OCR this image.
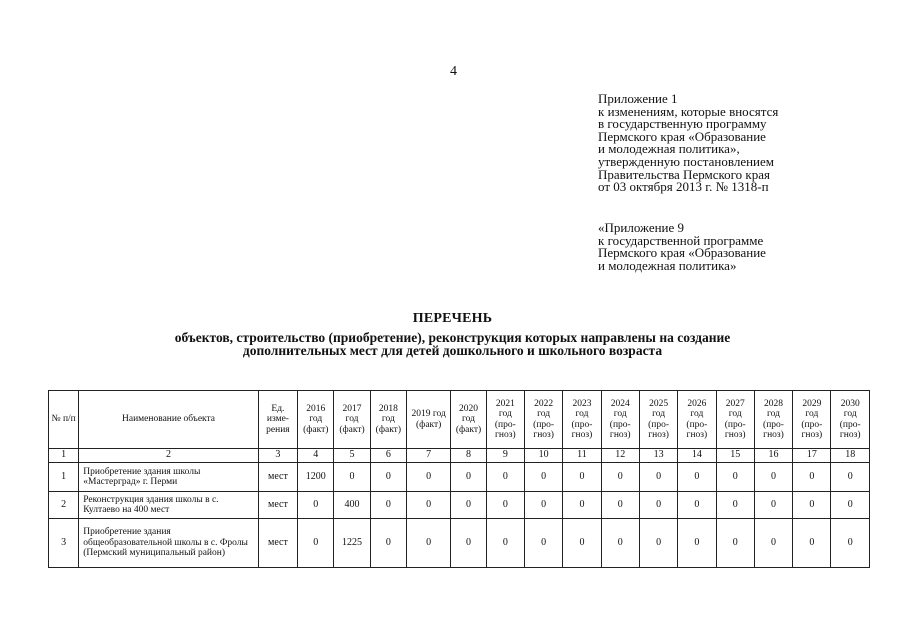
4
Приложение 1
к изменениям, которые вносятся
в государственную программу
Пермского края «Образование
и молодежная политика»,
утвержденную постановлением
Правительства Пермского края
от 03 октября 2013 г. № 1318-п
«Приложение 9
к государственной программе
Пермского края «Образование
и молодежная политика»
ПЕРЕЧЕНЬ
объектов, строительство (приобретение), реконструкция которых направлены на создание
дополнительных мест для детей дошкольного и школьного возраста
№ п/п	Наименование объекта	Ед. изме- рения	2016 год (факт)	2017 год (факт)	2018 год (факт)	2019 год (факт)	2020 год (факт)	2021 год (про- гноз)	2022 год (про- гноз)	2023 год (про- гноз)	2024 год (про- гноз)	2025 год (про- гноз)	2026 год (про- гноз)	2027 год (про- гноз)	2028 год (про- гноз)	2029 год (про- гноз)	2030 год (про- гноз)
1	2	3	4	5	6	7	8	9	10	11	12	13	14	15	16	17	18
1	Приобретение здания школы «Мастерград» г. Перми	мест	1200	0	0	0	0	0	0	0	0	0	0	0	0	0	0
2	Реконструкция здания школы в с. Култаево на 400 мест	мест	0	400	0	0	0	0	0	0	0	0	0	0	0	0	0
3	Приобретение здания общеобразовательной школы в с. Фролы (Пермский муниципальный район)	мест	0	1225	0	0	0	0	0	0	0	0	0	0	0	0	0
